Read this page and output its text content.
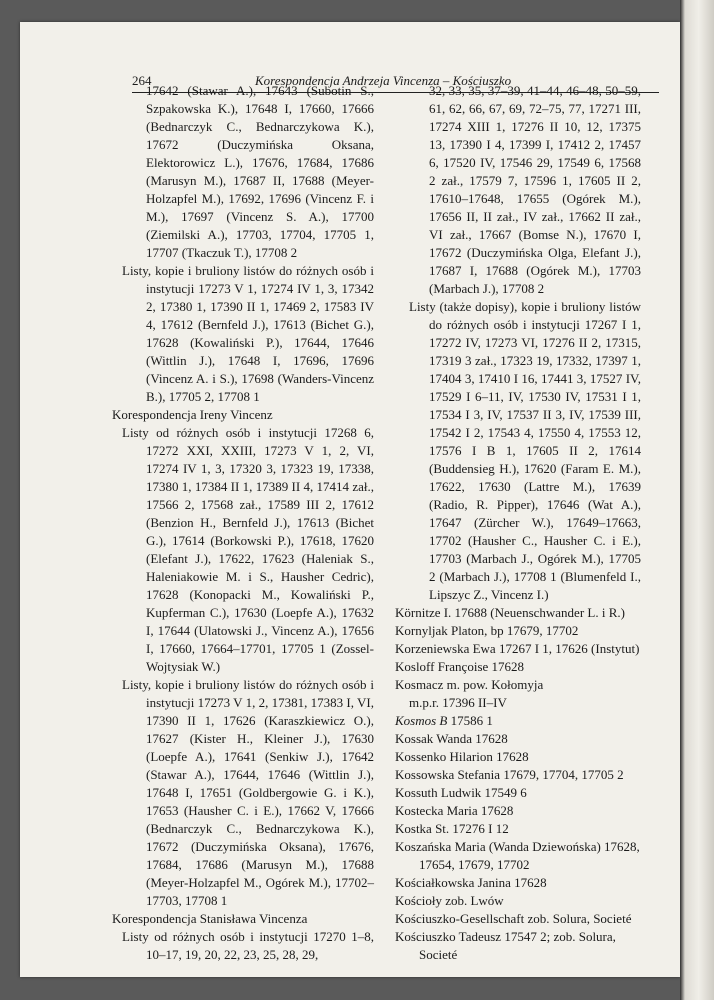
264	Korespondencja Andrzeja Vincenza – Kościuszko
17642 (Stawar A.), 17643 (Subotin S., Szpakowska K.), 17648 I, 17660, 17666 (Bednarczyk C., Bednarczykowa K.), 17672 (Duczymińska Oksana, Elektorowicz L.), 17676, 17684, 17686 (Marusyn M.), 17687 II, 17688 (Meyer-Holzapfel M.), 17692, 17696 (Vincenz F. i M.), 17697 (Vincenz S. A.), 17700 (Ziemilski A.), 17703, 17704, 17705 1, 17707 (Tkaczuk T.), 17708 2
Listy, kopie i bruliony listów do różnych osób i instytucji 17273 V 1, 17274 IV 1, 3, 17342 2, 17380 1, 17390 II 1, 17469 2, 17583 IV 4, 17612 (Bernfeld J.), 17613 (Bichet G.), 17628 (Kowaliński P.), 17644, 17646 (Wittlin J.), 17648 I, 17696, 17696 (Vincenz A. i S.), 17698 (Wanders-Vincenz B.), 17705 2, 17708 1
Korespondencja Ireny Vincenz
Listy od różnych osób i instytucji 17268 6, 17272 XXI, XXIII, 17273 V 1, 2, VI, 17274 IV 1, 3, 17320 3, 17323 19, 17338, 17380 1, 17384 II 1, 17389 II 4, 17414 zał., 17566 2, 17568 zał., 17589 III 2, 17612 (Benzion H., Bernfeld J.), 17613 (Bichet G.), 17614 (Borkowski P.), 17618, 17620 (Elefant J.), 17622, 17623 (Haleniak S., Haleniakowie M. i S., Hausher Cedric), 17628 (Konopacki M., Kowaliński P., Kupferman C.), 17630 (Loepfe A.), 17632 I, 17644 (Ulatowski J., Vincenz A.), 17656 I, 17660, 17664–17701, 17705 1 (Zossel-Wojtysiak W.)
Listy, kopie i bruliony listów do różnych osób i instytucji 17273 V 1, 2, 17381, 17383 I, VI, 17390 II 1, 17626 (Karaszkiewicz O.), 17627 (Kister H., Kleiner J.), 17630 (Loepfe A.), 17641 (Senkiw J.), 17642 (Stawar A.), 17644, 17646 (Wittlin J.), 17648 I, 17651 (Goldbergowie G. i K.), 17653 (Hausher C. i E.), 17662 V, 17666 (Bednarczyk C., Bednarczykowa K.), 17672 (Duczymińska Oksana), 17676, 17684, 17686 (Marusyn M.), 17688 (Meyer-Holzapfel M., Ogórek M.), 17702–17703, 17708 1
Korespondencja Stanisława Vincenza
Listy od różnych osób i instytucji 17270 1–8, 10–17, 19, 20, 22, 23, 25, 28, 29,
32, 33, 35, 37–39, 41–44, 46–48, 50–59, 61, 62, 66, 67, 69, 72–75, 77, 17271 III, 17274 XIII 1, 17276 II 10, 12, 17375 13, 17390 I 4, 17399 I, 17412 2, 17457 6, 17520 IV, 17546 29, 17549 6, 17568 2 zał., 17579 7, 17596 1, 17605 II 2, 17610–17648, 17655 (Ogórek M.), 17656 II, II zał., IV zał., 17662 II zał., VI zał., 17667 (Bomse N.), 17670 I, 17672 (Duczymińska Olga, Elefant J.), 17687 I, 17688 (Ogórek M.), 17703 (Marbach J.), 17708 2
Listy (także dopisy), kopie i bruliony listów do różnych osób i instytucji 17267 I 1, 17272 IV, 17273 VI, 17276 II 2, 17315, 17319 3 zał., 17323 19, 17332, 17397 1, 17404 3, 17410 I 16, 17441 3, 17527 IV, 17529 I 6–11, IV, 17530 IV, 17531 I 1, 17534 I 3, IV, 17537 II 3, IV, 17539 III, 17542 I 2, 17543 4, 17550 4, 17553 12, 17576 I B 1, 17605 II 2, 17614 (Buddensieg H.), 17620 (Faram E. M.), 17622, 17630 (Lattre M.), 17639 (Radio, R. Pipper), 17646 (Wat A.), 17647 (Zürcher W.), 17649–17663, 17702 (Hausher C., Hausher C. i E.), 17703 (Marbach J., Ogórek M.), 17705 2 (Marbach J.), 17708 1 (Blumenfeld I., Lipszyc Z., Vincenz I.)
Körnitze I. 17688 (Neuenschwander L. i R.)
Kornyljak Platon, bp 17679, 17702
Korzeniewska Ewa 17267 I 1, 17626 (Instytut)
Kosloff Françoise 17628
Kosmacz m. pow. Kołomyja
m.p.r. 17396 II–IV
Kosmos B 17586 1
Kossak Wanda 17628
Kossenko Hilarion 17628
Kossowska Stefania 17679, 17704, 17705 2
Kossuth Ludwik 17549 6
Kostecka Maria 17628
Kostka St. 17276 I 12
Koszańska Maria (Wanda Dziewońska) 17628, 17654, 17679, 17702
Kościałkowska Janina 17628
Kościoły zob. Lwów
Kościuszko-Gesellschaft zob. Solura, Societé
Kościuszko Tadeusz 17547 2; zob. Solura, Societé
